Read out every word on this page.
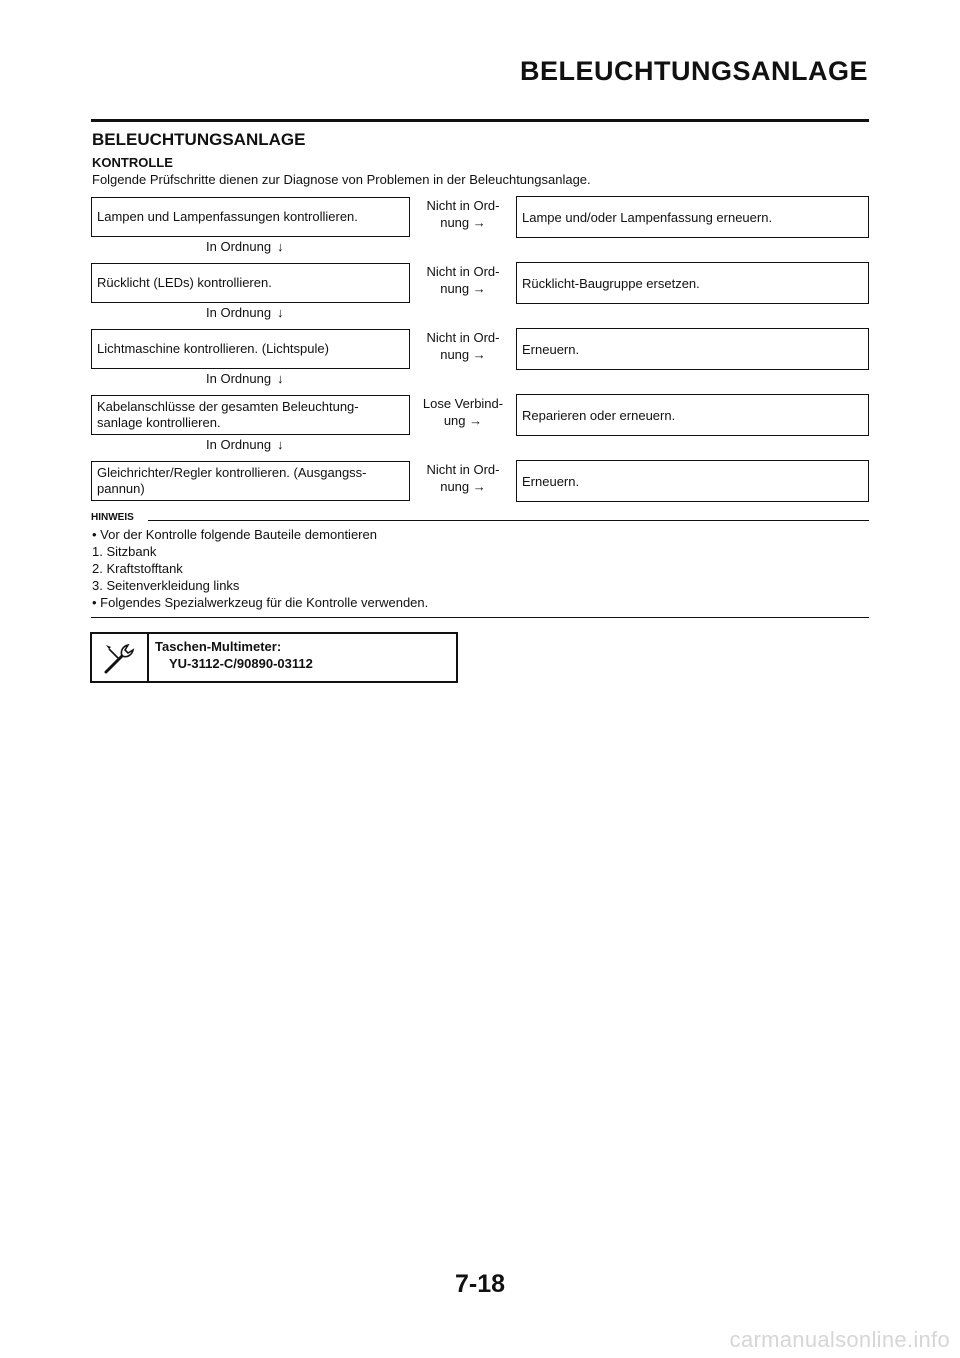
BELEUCHTUNGSANLAGE
BELEUCHTUNGSANLAGE
KONTROLLE
Folgende Prüfschritte dienen zur Diagnose von Problemen in der Beleuchtungsanlage.
Lampen und Lampenfassungen kontrollieren.
Nicht in Ord-
nung →	Lampe und/oder Lampenfassung erneuern.
In Ordnung ↓
Rücklicht (LEDs) kontrollieren.
Nicht in Ord-
nung →	Rücklicht-Baugruppe ersetzen.
In Ordnung ↓
Lichtmaschine kontrollieren. (Lichtspule)
Nicht in Ord-
nung →	Erneuern.
In Ordnung ↓
Kabelanschlüsse der gesamten Beleuchtung-sanlage kontrollieren.
Lose Verbind-
ung →	Reparieren oder erneuern.
In Ordnung ↓
Gleichrichter/Regler kontrollieren. (Ausgangss-pannun)
Nicht in Ord-
nung →	Erneuern.
HINWEIS
• Vor der Kontrolle folgende Bauteile demontieren
1. Sitzbank
2. Kraftstofftank
3. Seitenverkleidung links
• Folgendes Spezialwerkzeug für die Kontrolle verwenden.
Taschen-Multimeter:
YU-3112-C/90890-03112
7-18
carmanualsonline.info
